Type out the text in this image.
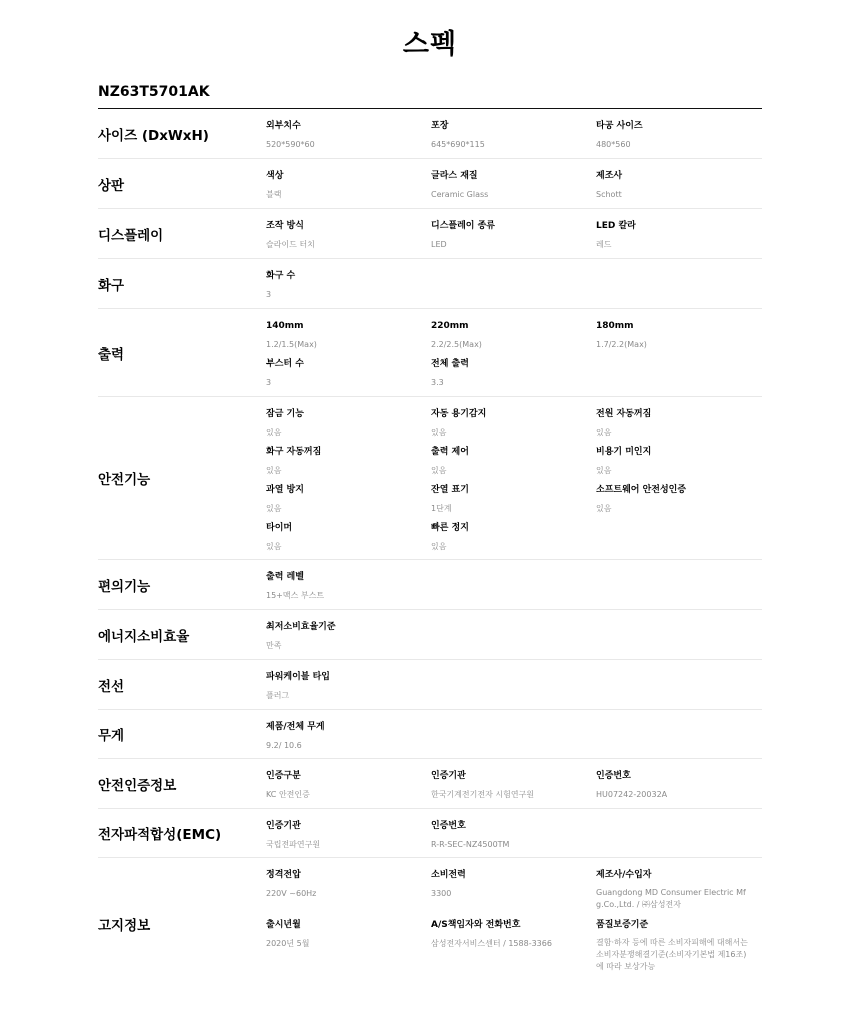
스펙
NZ63T5701AK
사이즈 (DxWxH)
외부치수
520*590*60
포장
645*690*115
타공 사이즈
480*560
상판
색상
블랙
글라스 재질
Ceramic Glass
제조사
Schott
디스플레이
조작 방식
슬라이드 터치
디스플레이 종류
LED
LED 칼라
레드
화구
화구 수
3
출력
140mm
1.2/1.5(Max)
220mm
2.2/2.5(Max)
180mm
1.7/2.2(Max)
부스터 수
3
전체 출력
3.3
안전기능
잠금 기능
있음
자동 용기감지
있음
전원 자동꺼짐
있음
화구 자동꺼짐
있음
출력 제어
있음
비용기 미인지
있음
과열 방지
있음
잔열 표기
1단계
소프트웨어 안전성인증
있음
타이머
있음
빠른 정지
있음
편의기능
출력 레벨
15+맥스 부스트
에너지소비효율
최저소비효율기준
만족
전선
파워케이블 타입
플러그
무게
제품/전체 무게
9.2/ 10.6
안전인증정보
인증구분
KC 안전인증
인증기관
한국기계전기전자 시험연구원
인증번호
HU07242-20032A
전자파적합성(EMC)
인증기관
국립전파연구원
인증번호
R-R-SEC-NZ4500TM
고지정보
정격전압
220V ~60Hz
소비전력
3300
제조사/수입자
Guangdong MD Consumer Electric Mf
g.Co.,Ltd. / ㈜삼성전자
출시년월
2020년 5월
A/S책임자와 전화번호
삼성전자서비스센터 / 1588-3366
품질보증기준
결함·하자 등에 따른 소비자피해에 대해서는
소비자분쟁해결기준(소비자기본법 제16조)
에 따라 보상가능
